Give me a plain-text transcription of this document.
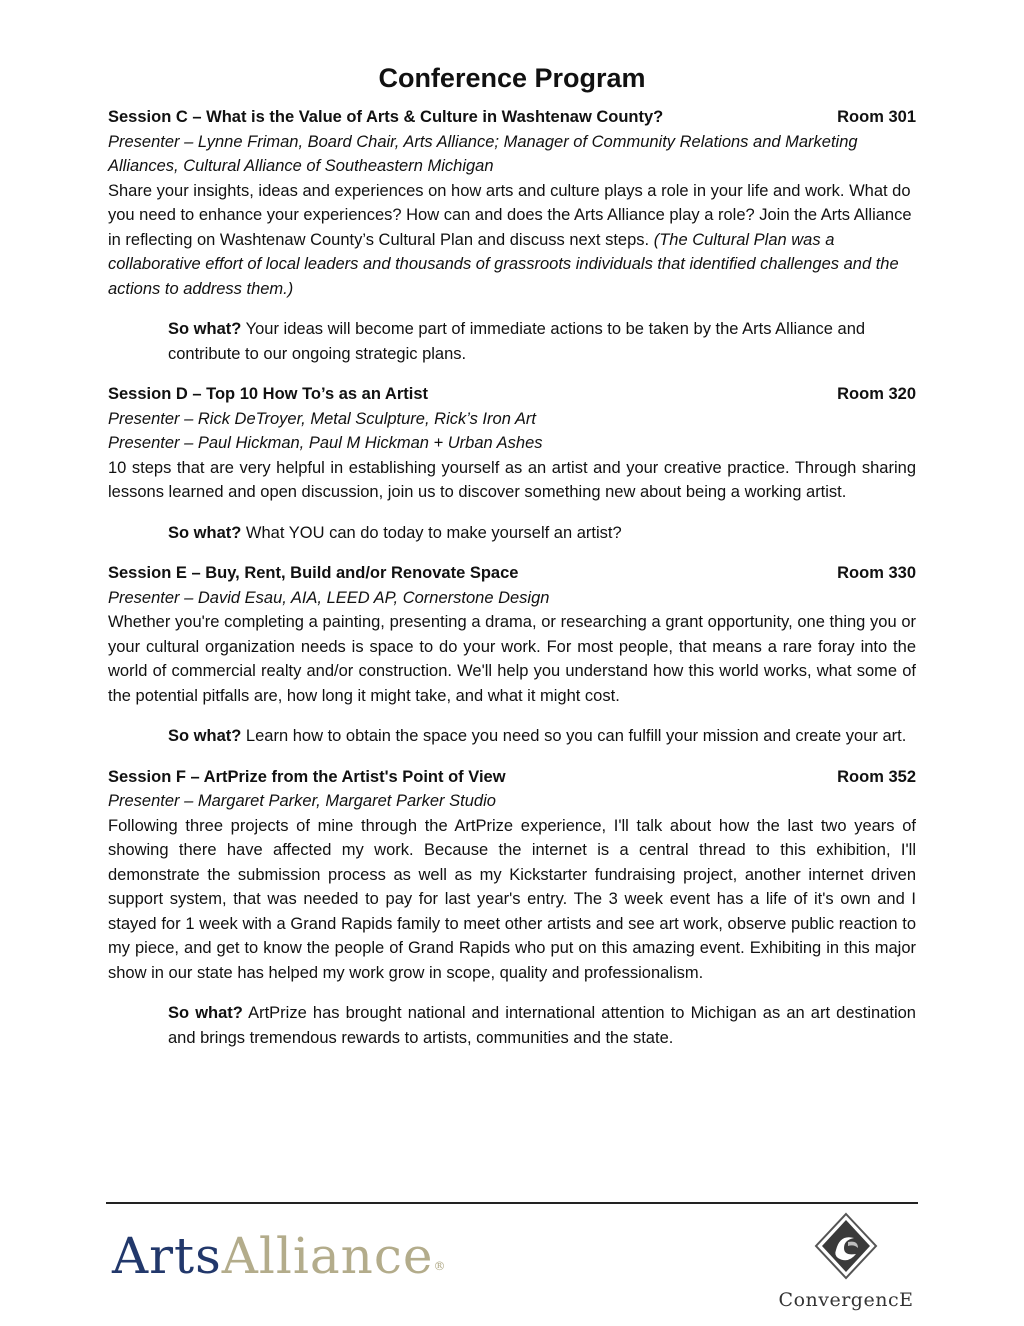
Conference Program
Session C – What is the Value of Arts & Culture in Washtenaw County?	Room 301
Presenter – Lynne Friman, Board Chair, Arts Alliance; Manager of Community Relations and Marketing Alliances, Cultural Alliance of Southeastern Michigan
Share your insights, ideas and experiences on how arts and culture plays a role in your life and work. What do you need to enhance your experiences? How can and does the Arts Alliance play a role? Join the Arts Alliance in reflecting on Washtenaw County’s Cultural Plan and discuss next steps. (The Cultural Plan was a collaborative effort of local leaders and thousands of grassroots individuals that identified challenges and the actions to address them.)
So what? Your ideas will become part of immediate actions to be taken by the Arts Alliance and contribute to our ongoing strategic plans.
Session D – Top 10 How To’s as an Artist	Room 320
Presenter – Rick DeTroyer, Metal Sculpture, Rick’s Iron Art
Presenter – Paul Hickman, Paul M Hickman + Urban Ashes
10 steps that are very helpful in establishing yourself as an artist and your creative practice. Through sharing lessons learned and open discussion, join us to discover something new about being a working artist.
So what? What YOU can do today to make yourself an artist?
Session E – Buy, Rent, Build and/or Renovate Space	Room 330
Presenter – David Esau, AIA, LEED AP, Cornerstone Design
Whether you're completing a painting, presenting a drama, or researching a grant opportunity, one thing you or your cultural organization needs is space to do your work. For most people, that means a rare foray into the world of commercial realty and/or construction. We'll help you understand how this world works, what some of the potential pitfalls are, how long it might take, and what it might cost.
So what? Learn how to obtain the space you need so you can fulfill your mission and create your art.
Session F – ArtPrize from the Artist's Point of View	Room 352
Presenter – Margaret Parker, Margaret Parker Studio
Following three projects of mine through the ArtPrize experience, I'll talk about how the last two years of showing there have affected my work. Because the internet is a central thread to this exhibition, I'll demonstrate the submission process as well as my Kickstarter fundraising project, another internet driven support system, that was needed to pay for last year's entry. The 3 week event has a life of it's own and I stayed for 1 week with a Grand Rapids family to meet other artists and see art work, observe public reaction to my piece, and get to know the people of Grand Rapids who put on this amazing event. Exhibiting in this major show in our state has helped my work grow in scope, quality and professionalism.
So what? ArtPrize has brought national and international attention to Michigan as an art destination and brings tremendous rewards to artists, communities and the state.
ArtsAlliance®
ConvergencE
